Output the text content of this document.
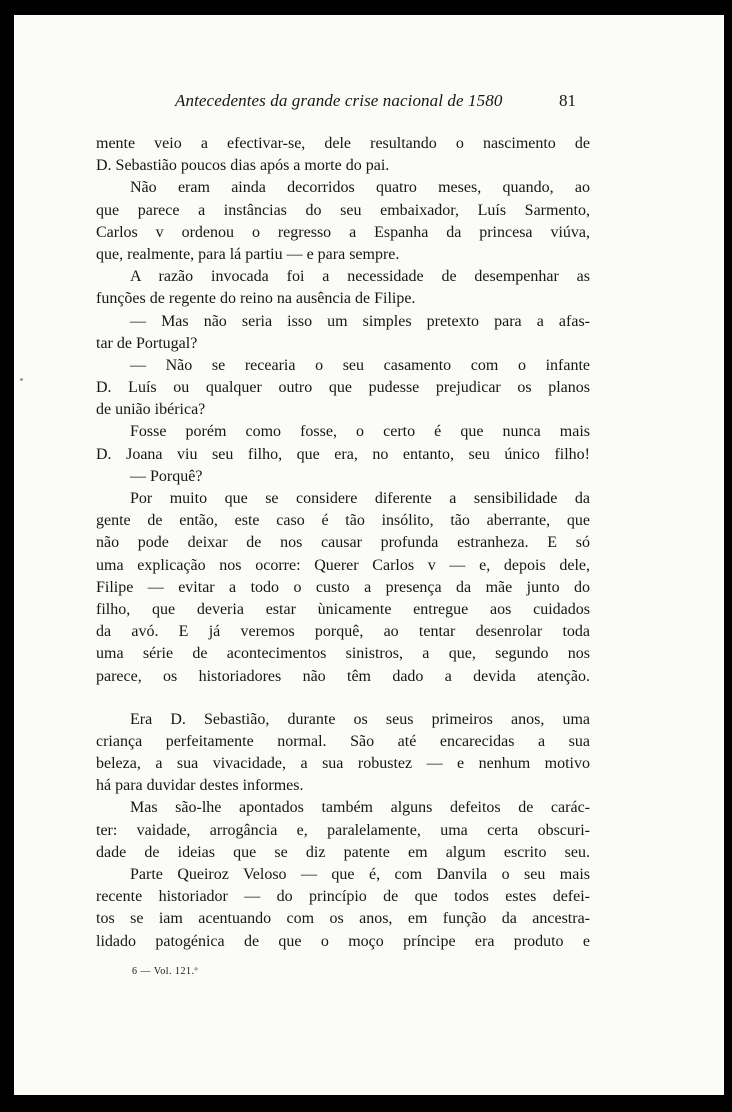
Antecedentes da grande crise nacional de 1580	81
mente veio a efectivar-se, dele resultando o nascimento de
D. Sebastião poucos dias após a morte do pai.
Não eram ainda decorridos quatro meses, quando, ao
que parece a instâncias do seu embaixador, Luís Sarmento,
Carlos v ordenou o regresso a Espanha da princesa viúva,
que, realmente, para lá partiu — e para sempre.
A razão invocada foi a necessidade de desempenhar as
funções de regente do reino na ausência de Filipe.
— Mas não seria isso um simples pretexto para a afas-
tar de Portugal?
— Não se recearia o seu casamento com o infante
D. Luís ou qualquer outro que pudesse prejudicar os planos
de união ibérica?
Fosse porém como fosse, o certo é que nunca mais
D. Joana viu seu filho, que era, no entanto, seu único filho!
— Porquê?
Por muito que se considere diferente a sensibilidade da
gente de então, este caso é tão insólito, tão aberrante, que
não pode deixar de nos causar profunda estranheza. E só
uma explicação nos ocorre: Querer Carlos v — e, depois dele,
Filipe — evitar a todo o custo a presença da mãe junto do
filho, que deveria estar ùnicamente entregue aos cuidados
da avó. E já veremos porquê, ao tentar desenrolar toda
uma série de acontecimentos sinistros, a que, segundo nos
parece, os historiadores não têm dado a devida atenção.
Era D. Sebastião, durante os seus primeiros anos, uma
criança perfeitamente normal. São até encarecidas a sua
beleza, a sua vivacidade, a sua robustez — e nenhum motivo
há para duvidar destes informes.
Mas são-lhe apontados também alguns defeitos de carác-
ter: vaidade, arrogância e, paralelamente, uma certa obscuri-
dade de ideias que se diz patente em algum escrito seu.
Parte Queiroz Veloso — que é, com Danvila o seu mais
recente historiador — do princípio de que todos estes defei-
tos se iam acentuando com os anos, em função da ancestra-
lidado patogénica de que o moço príncipe era produto e
6 — Vol. 121.º
